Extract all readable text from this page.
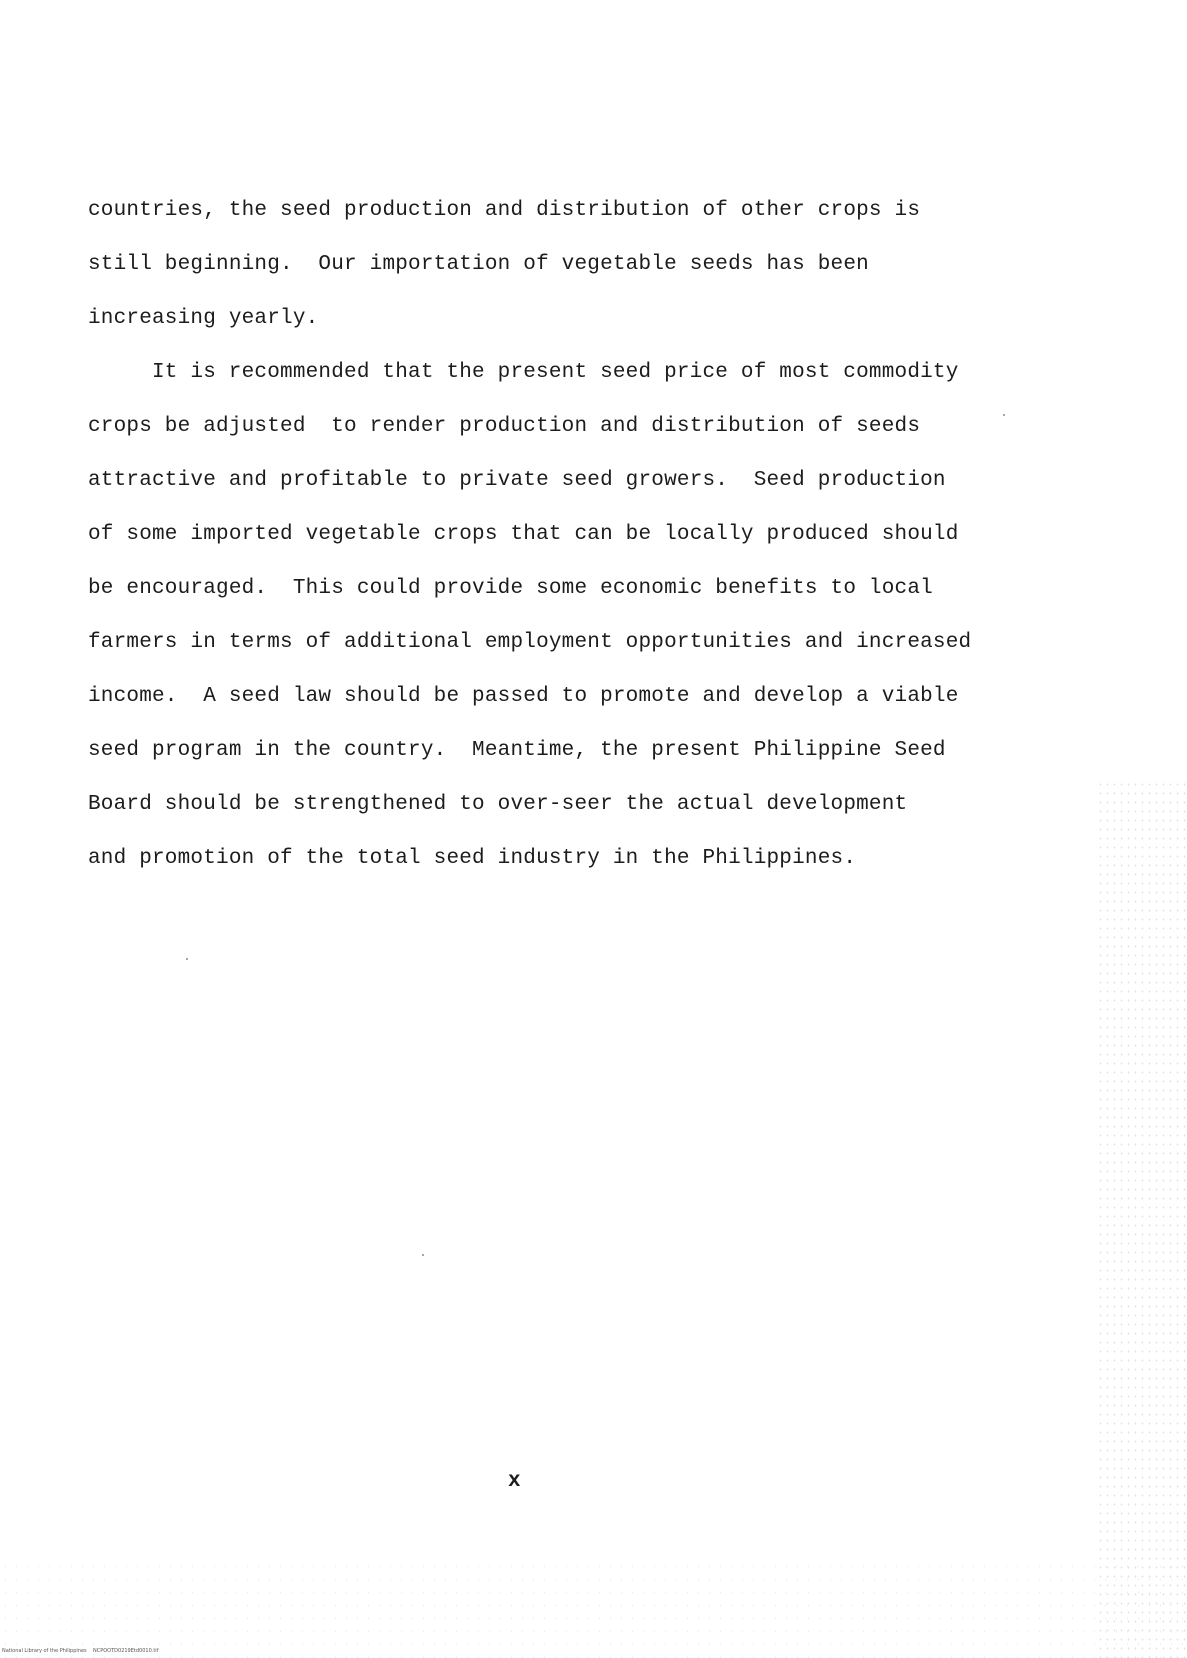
countries, the seed production and distribution of other crops is
still beginning.  Our importation of vegetable seeds has been
increasing yearly.
It is recommended that the present seed price of most commodity
crops be adjusted  to render production and distribution of seeds
attractive and profitable to private seed growers.  Seed production
of some imported vegetable crops that can be locally produced should
be encouraged.  This could provide some economic benefits to local
farmers in terms of additional employment opportunities and increased
income.  A seed law should be passed to promote and develop a viable
seed program in the country.  Meantime, the present Philippine Seed
Board should be strengthened to over-seer the actual development
and promotion of the total seed industry in the Philippines.
x
National Library of the Philippines    NCPOOTD0219Etd0010.tif
